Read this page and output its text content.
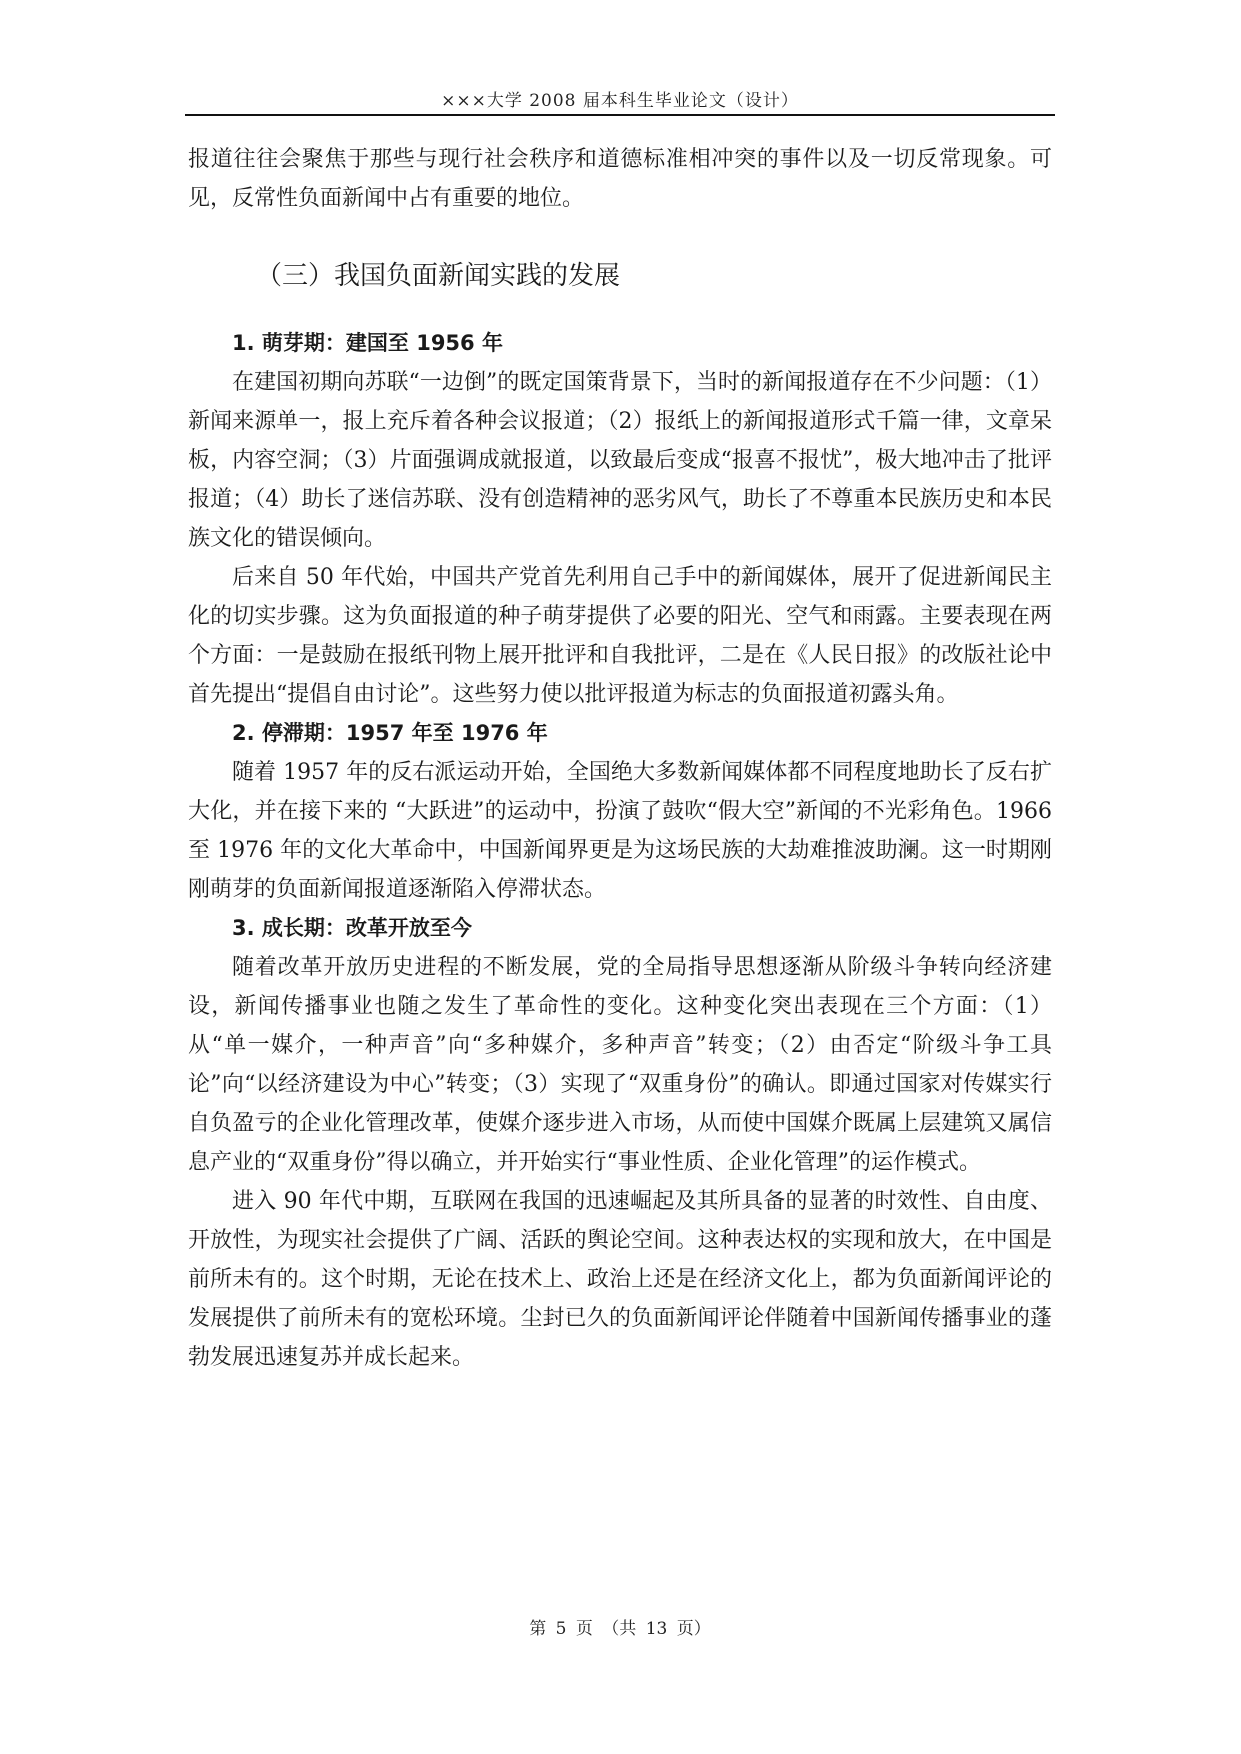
×××大学 2008 届本科生毕业论文（设计）

报道往往会聚焦于那些与现行社会秩序和道德标准相冲突的事件以及一切反常现象。可见，反常性负面新闻中占有重要的地位。

（三）我国负面新闻实践的发展
1. 萌芽期：建国至 1956 年

在建国初期向苏联“一边倒”的既定国策背景下，当时的新闻报道存在不少问题：（1）新闻来源单一，报上充斥着各种会议报道；（2）报纸上的新闻报道形式千篇一律，文章呆板，内容空洞；（3）片面强调成就报道，以致最后变成“报喜不报忧”，极大地冲击了批评报道；（4）助长了迷信苏联、没有创造精神的恶劣风气，助长了不尊重本民族历史和本民族文化的错误倾向。

后来自 50 年代始，中国共产党首先利用自己手中的新闻媒体，展开了促进新闻民主化的切实步骤。这为负面报道的种子萌芽提供了必要的阳光、空气和雨露。主要表现在两个方面：一是鼓励在报纸刊物上展开批评和自我批评，二是在《人民日报》的改版社论中首先提出“提倡自由讨论”。这些努力使以批评报道为标志的负面报道初露头角。

2. 停滞期：1957 年至 1976 年

随着 1957 年的反右派运动开始，全国绝大多数新闻媒体都不同程度地助长了反右扩大化，并在接下来的 “大跃进”的运动中，扮演了鼓吹“假大空”新闻的不光彩角色。1966 至 1976 年的文化大革命中，中国新闻界更是为这场民族的大劫难推波助澜。这一时期刚刚萌芽的负面新闻报道逐渐陷入停滞状态。

3. 成长期：改革开放至今

随着改革开放历史进程的不断发展，党的全局指导思想逐渐从阶级斗争转向经济建设，新闻传播事业也随之发生了革命性的变化。这种变化突出表现在三个方面：（1）从“单一媒介，一种声音”向“多种媒介，多种声音”转变；（2）由否定“阶级斗争工具论”向“以经济建设为中心”转变；（3）实现了“双重身份”的确认。即通过国家对传媒实行自负盈亏的企业化管理改革，使媒介逐步进入市场，从而使中国媒介既属上层建筑又属信息产业的“双重身份”得以确立，并开始实行“事业性质、企业化管理”的运作模式。

进入 90 年代中期，互联网在我国的迅速崛起及其所具备的显著的时效性、自由度、开放性，为现实社会提供了广阔、活跃的舆论空间。这种表达权的实现和放大，在中国是前所未有的。这个时期，无论在技术上、政治上还是在经济文化上，都为负面新闻评论的发展提供了前所未有的宽松环境。尘封已久的负面新闻评论伴随着中国新闻传播事业的蓬勃发展迅速复苏并成长起来。

第 5 页 （共 13 页）
